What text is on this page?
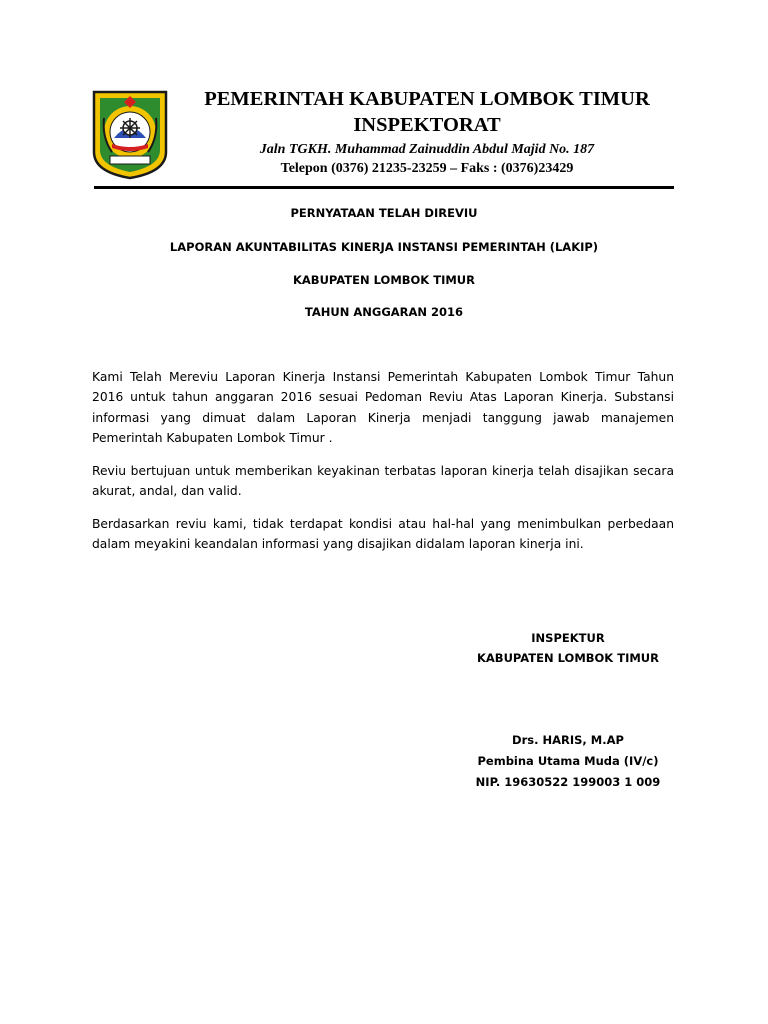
PEMERINTAH KABUPATEN LOMBOK TIMUR
INSPEKTORAT
Jaln TGKH. Muhammad Zainuddin Abdul Majid No. 187
Telepon (0376) 21235-23259 – Faks : (0376)23429
PERNYATAAN TELAH DIREVIU
LAPORAN AKUNTABILITAS KINERJA INSTANSI PEMERINTAH (LAKIP)
KABUPATEN LOMBOK TIMUR
TAHUN ANGGARAN 2016

Kami Telah Mereviu Laporan Kinerja Instansi Pemerintah Kabupaten Lombok Timur Tahun 2016 untuk tahun anggaran 2016 sesuai Pedoman Reviu Atas Laporan Kinerja. Substansi informasi yang dimuat dalam Laporan Kinerja menjadi tanggung jawab manajemen Pemerintah Kabupaten Lombok Timur .

Reviu bertujuan untuk memberikan keyakinan terbatas laporan kinerja telah disajikan secara akurat, andal, dan valid.

Berdasarkan reviu kami, tidak terdapat kondisi atau hal-hal yang menimbulkan perbedaan dalam meyakini keandalan informasi yang disajikan didalam laporan kinerja ini.

INSPEKTUR
KABUPATEN LOMBOK TIMUR
Drs. HARIS, M.AP
Pembina Utama Muda (IV/c)
NIP. 19630522 199003 1 009
